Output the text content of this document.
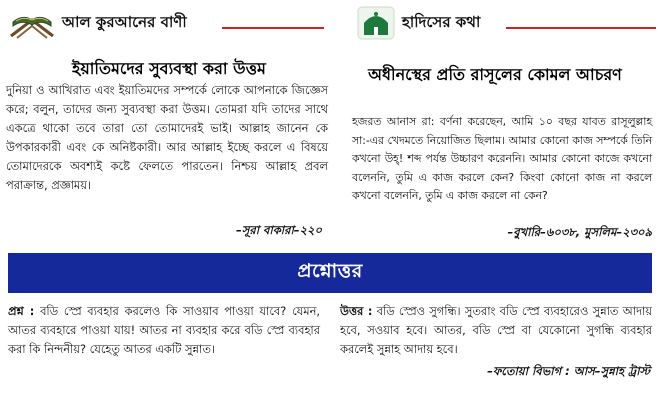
আল কুরআনের বাণী
ইয়াতিমদের সুব্যবস্থা করা উত্তম

দুনিয়া ও আখিরাত এবং ইয়াতিমদের সম্পর্কে লোকে আপনাকে জিজ্ঞেস করে; বলুন, তাদের জন্য সুব্যবস্থা করা উত্তম। তোমরা যদি তাদের সাথে একত্রে থাকো তবে তারা তো তোমাদেরই ভাই। আল্লাহ জানেন কে উপকারকারী এবং কে অনিষ্টকারী। আর আল্লাহ ইচ্ছে করলে এ বিষয়ে তোমাদেরকে অবশ্যই কষ্টে ফেলতে পারতেন। নিশ্চয় আল্লাহ প্রবল পরাক্রান্ত, প্রজ্ঞাময়।

–সূরা বাকারা–২২০
হাদিসের কথা
অধীনস্থের প্রতি রাসূলের কোমল আচরণ

হজরত আনাস রা: বর্ণনা করেছেন, আমি ১০ বছর যাবত রাসূলুল্লাহ সা:-এর খেদমতে নিয়োজিত ছিলাম। আমার কোনো কাজ সম্পর্কে তিনি কখনো উহ্! শব্দ পর্যন্ত উচ্চারণ করেননি। আমার কোনো কাজে কখনো বলেননি, তুমি এ কাজ করলে কেন? কিংবা কোনো কাজ না করলে কখনো বলেননি, তুমি এ কাজ করলে না কেন?

–বুখারি–৬০৩৮, মুসলিম–২৩০৯
প্রশ্নোত্তর
প্রশ্ন : বডি স্প্রে ব্যবহার করলেও কি সাওয়াব পাওয়া যাবে? যেমন, আতর ব্যবহারে পাওয়া যায়! আতর না ব্যবহার করে বডি স্প্রে ব্যবহার করা কি নিন্দনীয়? যেহেতু আতর একটি সুন্নাত।
উত্তর : বডি স্প্রেও সুগন্ধি। সুতরাং বডি স্প্রে ব্যবহারেও সুন্নাত আদায় হবে, সওয়াব হবে। আতর, বডি স্প্রে বা যেকোনো সুগন্ধি ব্যবহার করলেই সুন্নাহ আদায় হবে।
–ফতোয়া বিভাগ : আস–সুন্নাহ ট্রাস্ট
